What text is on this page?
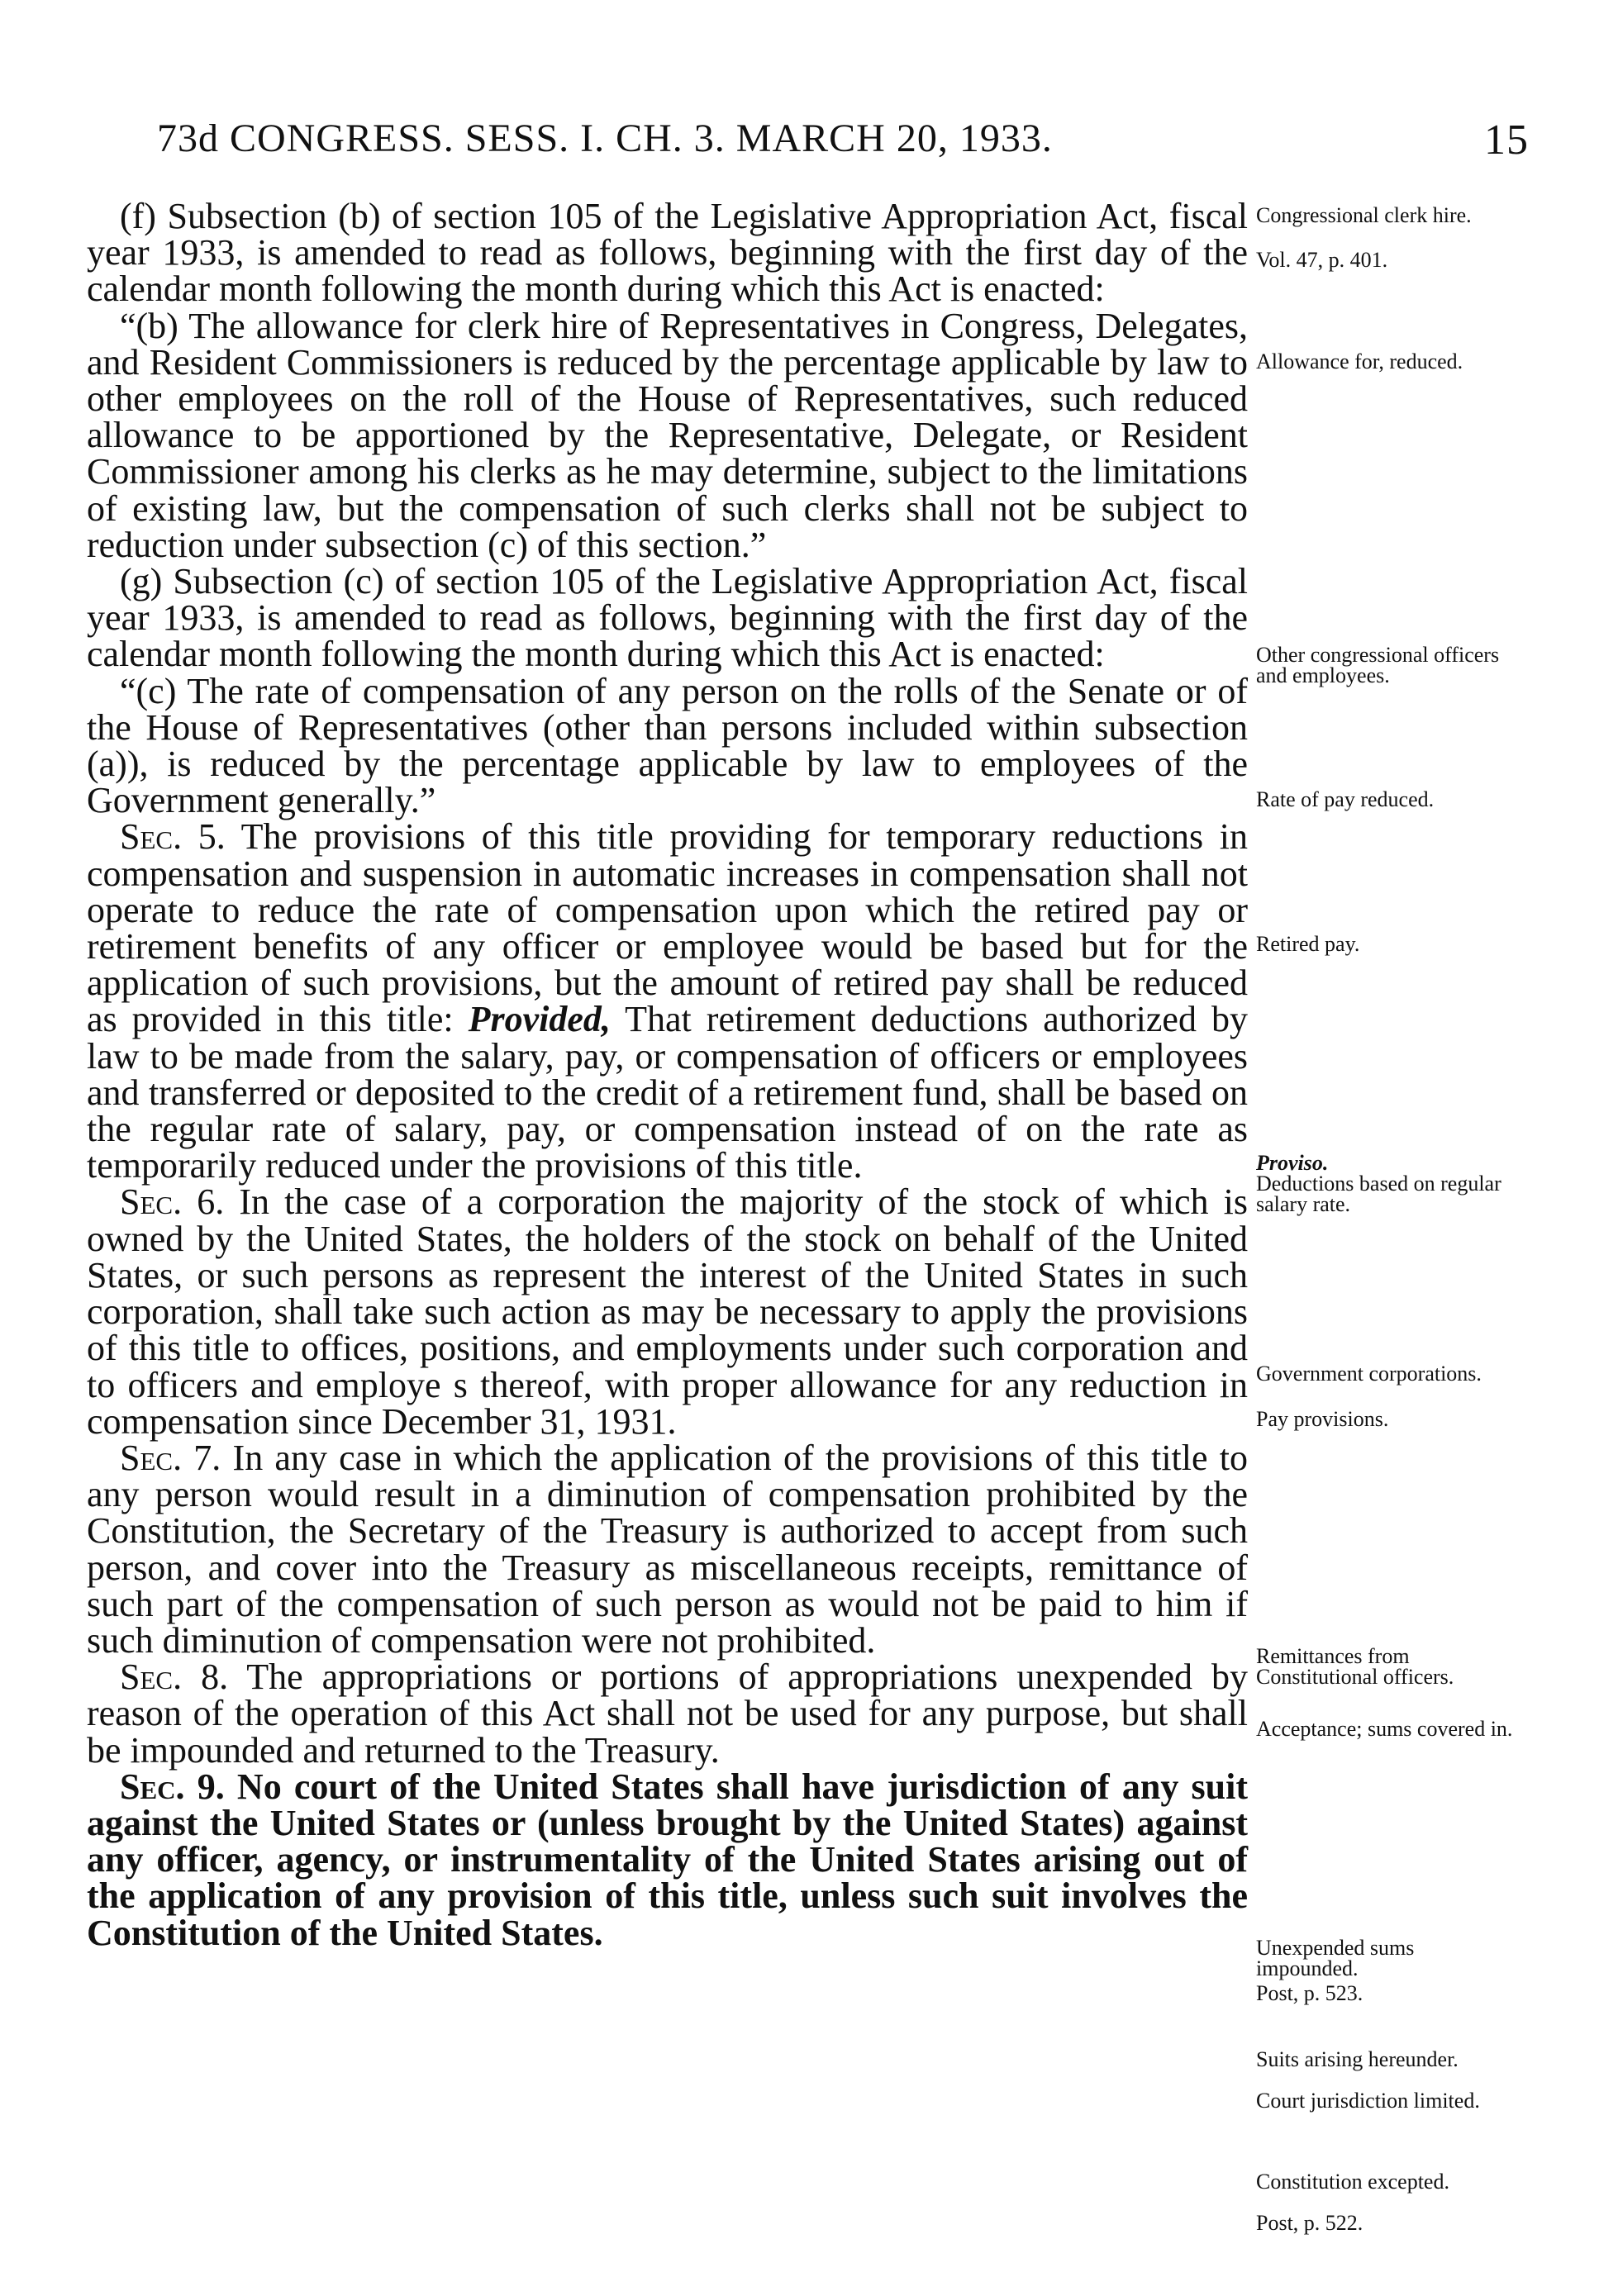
73d CONGRESS. SESS. I. CH. 3. MARCH 20, 1933.	15

(f) Subsection (b) of section 105 of the Legislative Appropriation Act, fiscal year 1933, is amended to read as follows, beginning with the first day of the calendar month following the month during which this Act is enacted:

“(b) The allowance for clerk hire of Representatives in Congress, Delegates, and Resident Commissioners is reduced by the percentage applicable by law to other employees on the roll of the House of Representatives, such reduced allowance to be apportioned by the Representative, Delegate, or Resident Commissioner among his clerks as he may determine, subject to the limitations of existing law, but the compensation of such clerks shall not be subject to reduction under subsection (c) of this section.”

(g) Subsection (c) of section 105 of the Legislative Appropriation Act, fiscal year 1933, is amended to read as follows, beginning with the first day of the calendar month following the month during which this Act is enacted:

“(c) The rate of compensation of any person on the rolls of the Senate or of the House of Representatives (other than persons included within subsection (a)), is reduced by the percentage applicable by law to employees of the Government generally.”

Sec. 5. The provisions of this title providing for temporary reductions in compensation and suspension in automatic increases in compensation shall not operate to reduce the rate of compensation upon which the retired pay or retirement benefits of any officer or employee would be based but for the application of such provisions, but the amount of retired pay shall be reduced as provided in this title: Provided, That retirement deductions authorized by law to be made from the salary, pay, or compensation of officers or employees and transferred or deposited to the credit of a retirement fund, shall be based on the regular rate of salary, pay, or compensation instead of on the rate as temporarily reduced under the provisions of this title.

Sec. 6. In the case of a corporation the majority of the stock of which is owned by the United States, the holders of the stock on behalf of the United States, or such persons as represent the interest of the United States in such corporation, shall take such action as may be necessary to apply the provisions of this title to offices, positions, and employments under such corporation and to officers and employe s thereof, with proper allowance for any reduction in compensation since December 31, 1931.

Sec. 7. In any case in which the application of the provisions of this title to any person would result in a diminution of compensation prohibited by the Constitution, the Secretary of the Treasury is authorized to accept from such person, and cover into the Treasury as miscellaneous receipts, remittance of such part of the compensation of such person as would not be paid to him if such diminution of compensation were not prohibited.

Sec. 8. The appropriations or portions of appropriations unexpended by reason of the operation of this Act shall not be used for any purpose, but shall be impounded and returned to the Treasury.

Sec. 9. No court of the United States shall have jurisdiction of any suit against the United States or (unless brought by the United States) against any officer, agency, or instrumentality of the United States arising out of the application of any provision of this title, unless such suit involves the Constitution of the United States.

Congressional clerk hire.
Vol. 47, p. 401.
Allowance for, reduced.
Other congressional officers and employees.
Rate of pay reduced.
Retired pay.
Proviso.
Deductions based on regular salary rate.
Government corporations.
Pay provisions.
Remittances from Constitutional officers.
Acceptance; sums covered in.
Unexpended sums impounded.
Post, p. 523.
Suits arising hereunder.
Court jurisdiction limited.
Constitution excepted.
Post, p. 522.
